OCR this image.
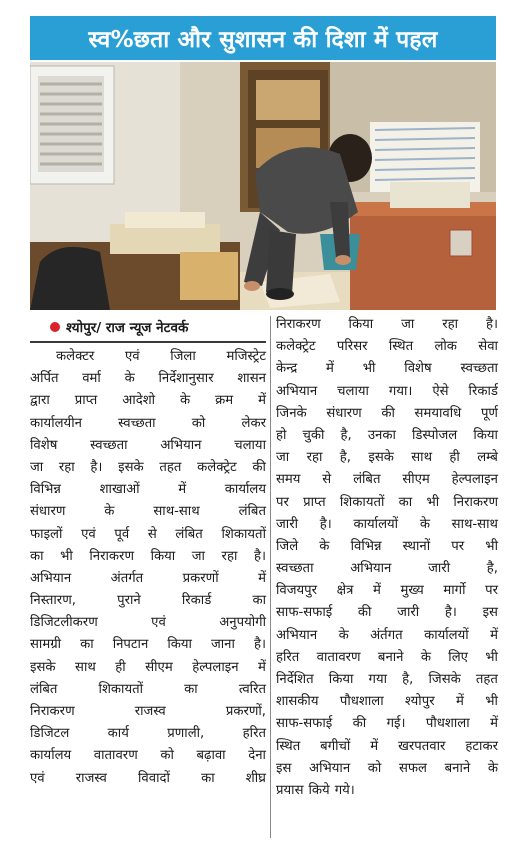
स्व%छता और सुशासन की दिशा में पहल
श्योपुर/ राज न्यूज नेटवर्क
कलेक्टर एवं जिला मजिस्ट्रेट
अर्पित वर्मा के निर्देशानुसार शासन
द्वारा प्राप्त आदेशो के क्रम में
कार्यालयीन	स्वच्छता	को	लेकर
विशेष स्वच्छता अभियान चलाया
जा रहा है। इसके तहत कलेक्ट्रेट की
विभिन्न	शाखाओं	में	कार्यालय
संधारण	के	साथ-साथ	लंबित
फाइलों एवं पूर्व से लंबित शिकायतों
का भी निराकरण किया जा रहा है।
अभियान	अंतर्गत	प्रकरणों	में
निस्तारण,	पुराने	रिकार्ड	का
डिजिटलीकरण	एवं	अनुपयोगी
सामग्री का निपटान किया जाना है।
इसके साथ ही सीएम हेल्पलाइन में
लंबित	शिकायतों	का	त्वरित
निराकरण	राजस्व	प्रकरणों,
डिजिटल	कार्य	प्रणाली,	हरित
कार्यालय वातावरण को बढ़ावा देना
एवं राजस्व विवादों का शीघ्र
निराकरण किया जा रहा है।
कलेक्ट्रेट परिसर स्थित लोक सेवा
केन्द्र में भी विशेष स्वच्छता
अभियान चलाया गया। ऐसे रिकार्ड
जिनके संधारण की समयावधि पूर्ण
हो चुकी है, उनका डिस्पोजल किया
जा रहा है, इसके साथ ही लम्बे
समय से लंबित सीएम हेल्पलाइन
पर प्राप्त शिकायतों का भी निराकरण
जारी है। कार्यालयों के साथ-साथ
जिले के विभिन्न स्थानों पर भी
स्वच्छता	अभियान	जारी	है,
विजयपुर क्षेत्र में मुख्य मार्गो पर
साफ-सफाई की जारी है। इस
अभियान के अंर्तगत कार्यालयों में
हरित वातावरण बनाने के लिए भी
निर्देशित किया गया है, जिसके तहत
शासकीय पौधशाला श्योपुर में भी
साफ-सफाई की गई। पौधशाला में
स्थित बगीचों में खरपतवार हटाकर
इस अभियान को सफल बनाने के
प्रयास किये गये।
